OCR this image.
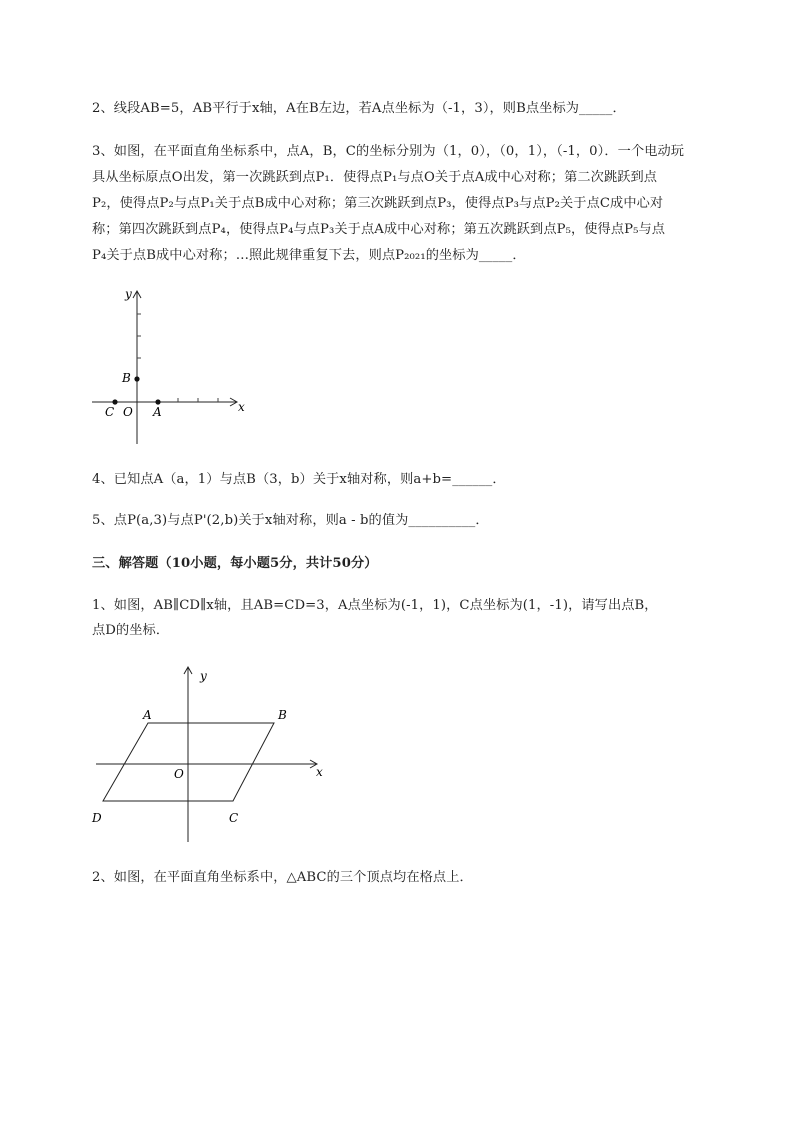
2、线段AB=5，AB平行于x轴，A在B左边，若A点坐标为（-1，3），则B点坐标为_____．
3、如图，在平面直角坐标系中，点A，B，C的坐标分别为（1，0），（0，1），（-1，0）．一个电动玩
具从坐标原点O出发，第一次跳跃到点P₁．使得点P₁与点O关于点A成中心对称；第二次跳跃到点
P₂，使得点P₂与点P₁关于点B成中心对称；第三次跳跃到点P₃，使得点P₃与点P₂关于点C成中心对
称；第四次跳跃到点P₄，使得点P₄与点P₃关于点A成中心对称；第五次跳跃到点P₅，使得点P₅与点
P₄关于点B成中心对称；…照此规律重复下去，则点P₂₀₂₁的坐标为_____．
y
x
B
C O A
4、已知点A（a，1）与点B（3，b）关于x轴对称，则a+b=______．
5、点P(a,3)与点P'(2,b)关于x轴对称，则a - b的值为__________．
三、解答题（10小题，每小题5分，共计50分）
1、如图，AB∥CD∥x轴，且AB=CD=3，A点坐标为(-1，1)，C点坐标为(1，-1)，请写出点B，
点D的坐标．
y
x
A	B
O
D	C
2、如图，在平面直角坐标系中，△ABC的三个顶点均在格点上．
